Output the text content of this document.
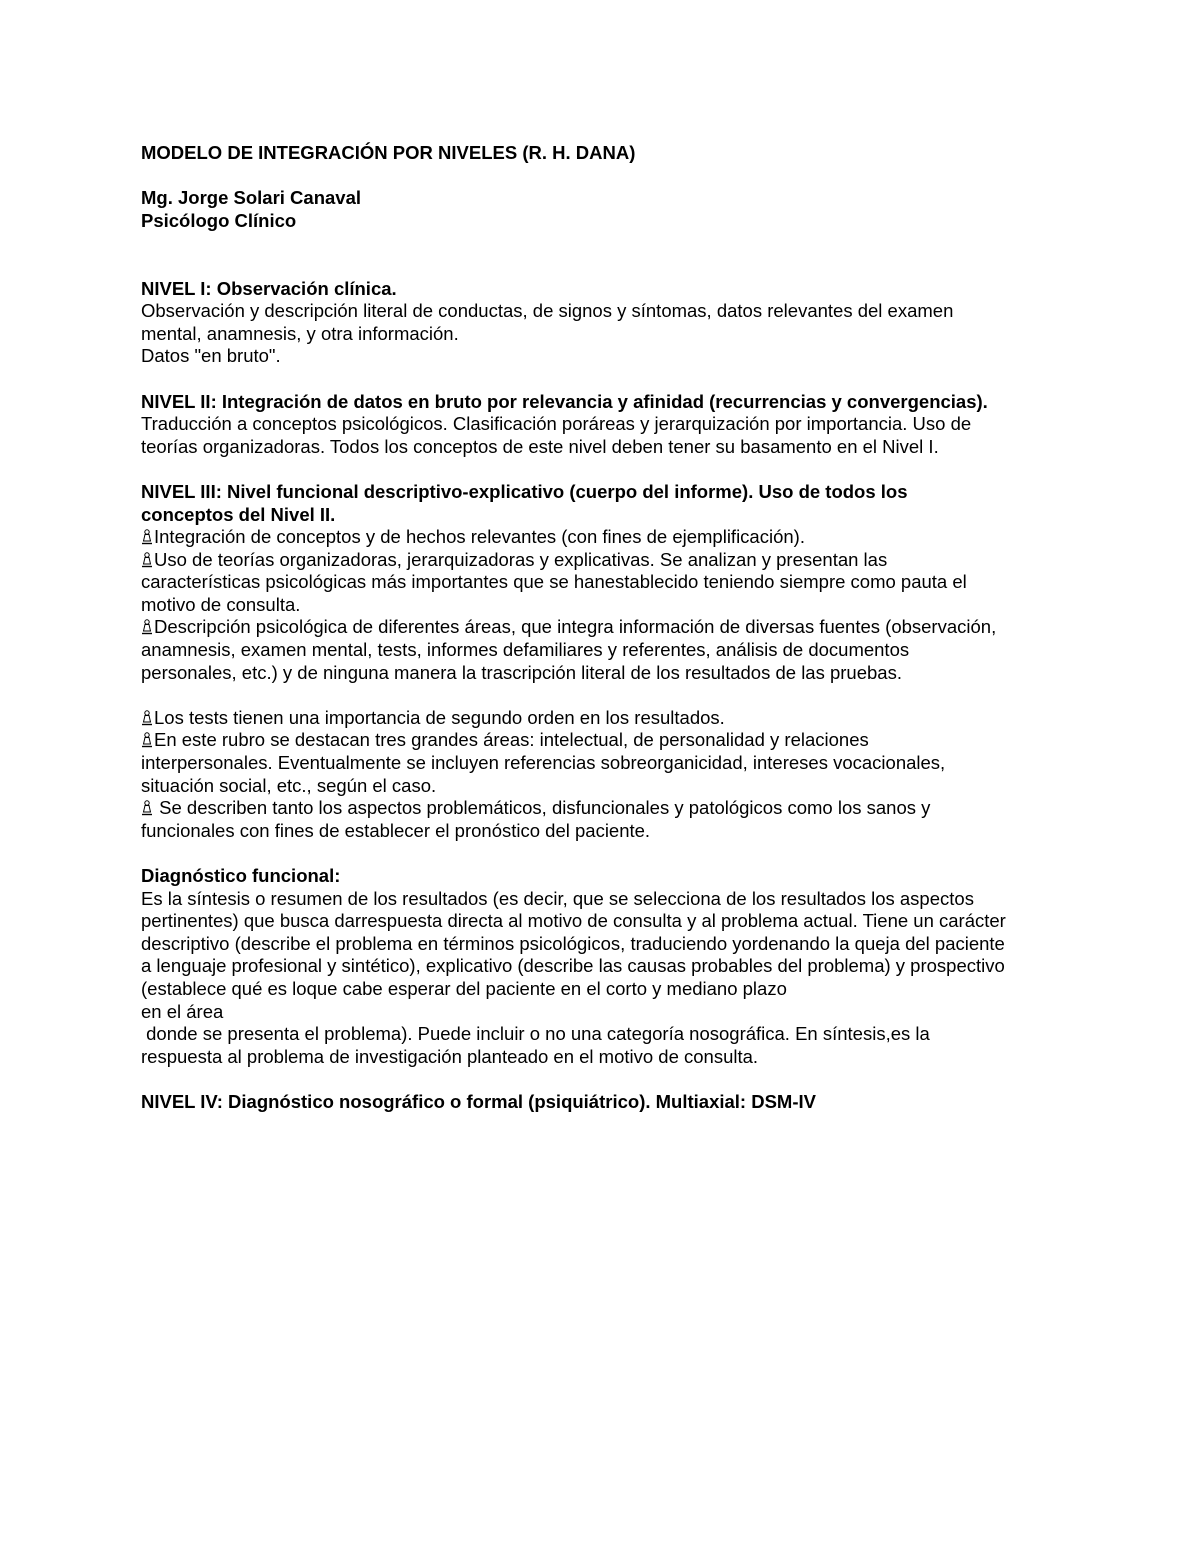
MODELO DE INTEGRACIÓN POR NIVELES (R. H. DANA)
Mg. Jorge Solari Canaval
Psicólogo Clínico
NIVEL I: Observación clínica.
Observación y descripción literal de conductas, de signos y síntomas, datos relevantes del examen
mental, anamnesis, y otra información.
Datos "en bruto".
NIVEL II: Integración de datos en bruto por relevancia y afinidad (recurrencias y convergencias).
Traducción a conceptos psicológicos. Clasificación poráreas y jerarquización por importancia. Uso de
teorías organizadoras. Todos los conceptos de este nivel deben tener su basamento en el Nivel I.
NIVEL III: Nivel funcional descriptivo-explicativo (cuerpo del informe). Uso de todos los
conceptos del Nivel II.
Integración de conceptos y de hechos relevantes (con fines de ejemplificación).
Uso de teorías organizadoras, jerarquizadoras y explicativas. Se analizan y presentan las
características psicológicas más importantes que se hanestablecido teniendo siempre como pauta el
motivo de consulta.
Descripción psicológica de diferentes áreas, que integra información de diversas fuentes (observación,
anamnesis, examen mental, tests, informes defamiliares y referentes, análisis de documentos
personales, etc.) y de ninguna manera la trascripción literal de los resultados de las pruebas.
Los tests tienen una importancia de segundo orden en los resultados.
En este rubro se destacan tres grandes áreas: intelectual, de personalidad y relaciones
interpersonales. Eventualmente se incluyen referencias sobreorganicidad, intereses vocacionales,
situación social, etc., según el caso.
Se describen tanto los aspectos problemáticos, disfuncionales y patológicos como los sanos y
funcionales con fines de establecer el pronóstico del paciente.
Diagnóstico funcional:
Es la síntesis o resumen de los resultados (es decir, que se selecciona de los resultados los aspectos
pertinentes) que busca darrespuesta directa al motivo de consulta y al problema actual. Tiene un carácter
descriptivo (describe el problema en términos psicológicos, traduciendo yordenando la queja del paciente
a lenguaje profesional y sintético), explicativo (describe las causas probables del problema) y prospectivo
(establece qué es loque cabe esperar del paciente en el corto y mediano plazo
en el área
donde se presenta el problema). Puede incluir o no una categoría nosográfica. En síntesis,es la
respuesta al problema de investigación planteado en el motivo de consulta.
NIVEL IV: Diagnóstico nosográfico o formal (psiquiátrico). Multiaxial: DSM-IV
